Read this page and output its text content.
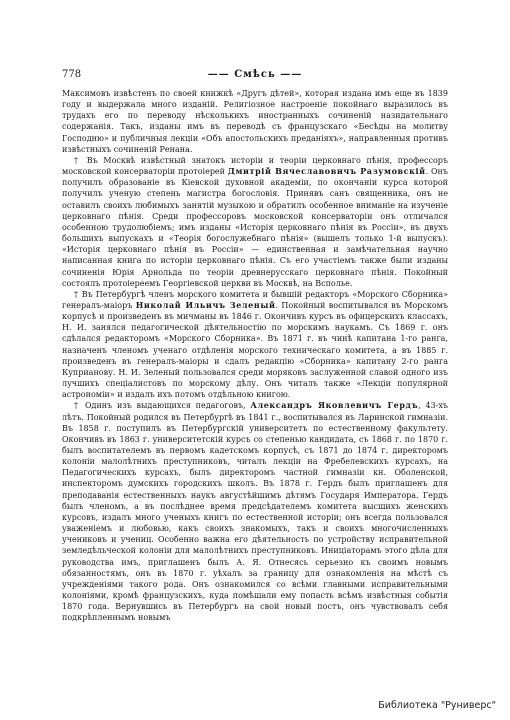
778	—— Смѣсь ——

Максимовъ извѣстенъ по своей книжкѣ «Другъ дѣтей», которая издана имъ еще въ 1839 году и выдержала много изданій. Религіозное настроеніе покойнаго выразилось въ трудахъ его по переводу нѣсколькихъ иностранныхъ сочиненій назидательнаго содержанія. Такъ, изданы имъ въ переводѣ съ французскаго «Бесѣды на молитву Господню» и публичныя лекціи «Объ апостольскихъ преданіяхъ», направленныя противъ извѣстныхъ сочиненій Ренана.

† Въ Москвѣ извѣстный знатокъ исторіи и теоріи церковнаго пѣнія, профессоръ московской консерваторіи протоіерей Дмитрій Вячеславовичъ Разумовскій. Онъ получилъ образованіе въ Кіевской духовной академіи, по окончаніи курса которой получилъ ученую степень магистра богословія. Принявъ санъ священника, онъ не оставилъ своихъ любимыхъ занятій музыкою и обратилъ особенное вниманіе на изученіе церковнаго пѣнія. Среди профессоровъ московской консерваторіи онъ отличался особенною трудолюбіемъ; имъ изданы «Исторія церковнаго пѣнія въ Россіи», въ двухъ большихъ выпускахъ и «Теорія богослужебнаго пѣнія» (вышелъ только 1-й выпускъ). «Исторія церковнаго пѣнія въ Россіи» — единственная и замѣчательная научно написанная книга по исторіи церковнаго пѣнія. Съ его участіемъ также были изданы сочиненія Юрія Арнольда по теоріи древнерусскаго церковнаго пѣнія. Покойный состоялъ протоіереемъ Георгіевской церкви въ Москвѣ, на Всполье.

† Въ Петербургѣ членъ морского комитета и бывшій редакторъ «Морского Сборника» генералъ-маіоръ Николай Ильичъ Зеленый. Покойный воспитывался въ Морскомъ корпусѣ и произведенъ въ мичманы въ 1846 г. Окончивъ курсъ въ офицерскихъ классахъ, Н. И. занялся педагогической дѣятельностію по морскимъ наукамъ. Съ 1869 г. онъ сдѣлался редакторомъ «Морского Сборника». Въ 1871 г. въ чинѣ капитана 1-го ранга, назначенъ членомъ ученаго отдѣленія морского техническаго комитета, а въ 1885 г. произведенъ въ генералъ-маіоры и сдалъ редакцію «Сборника» капитану 2-го ранга Куприанову. Н. И. Зеленый пользовался среди моряковъ заслуженной славой одного изъ лучшихъ спеціалистовъ по морскому дѣлу. Онъ читалъ также «Лекціи популярной астрономіи» и издалъ ихъ потомъ отдѣльною книгою.

† Одинъ изъ выдающихся педагоговъ, Александръ Яковлевичъ Гердъ, 43-хъ лѣтъ. Покойный родился въ Петербургѣ въ 1841 г., воспитывался въ Ларинской гимназіи. Въ 1858 г. поступилъ въ Петербургскій университетъ по естественному факультету. Окончивъ въ 1863 г. университетскій курсъ со степенью кандидата, съ 1868 г. по 1870 г. былъ воспитателемъ въ первомъ кадетскомъ корпусѣ, съ 1871 до 1874 г. директоромъ колоніи малолѣтнихъ преступниковъ, читалъ лекціи на Фребелевскихъ курсахъ, на Педагогическихъ курсахъ, былъ директоромъ частной гимназіи кн. Оболенской, инспекторомъ думскихъ городскихъ школъ. Въ 1878 г. Гердъ былъ приглашенъ для преподаванія естественныхъ наукъ августѣйшимъ дѣтямъ Государя Императора. Гердъ былъ членомъ, а въ послѣднее время предсѣдателемъ комитета высшихъ женскихъ курсовъ, издалъ много ученыхъ книгъ по естественной исторіи; онъ всегда пользовался уваженіемъ и любовью, какъ своихъ знакомыхъ, такъ и своихъ многочисленныхъ учениковъ и учениц. Особенно важна его дѣятельность по устройству исправительной земледѣльческой колоніи для малолѣтнихъ преступниковъ. Иниціаторамъ этого дѣла для руководства имъ, приглашенъ былъ А. Я. Отнесясь серьезно къ своимъ новымъ обязанностямъ, онъ въ 1870 г. уѣхалъ за границу для ознакомленія на мѣстѣ съ учрежденіями такого рода. Онъ ознакомился со всѣми главными исправительными колоніями, кромѣ французскихъ, куда помѣшали ему попасть всѣмъ извѣстныя событія 1870 года. Вернувшись въ Петербургъ на свой новый постъ, онъ чувствовалъ себя подкрѣпленнымъ новымъ

Библиотека "Руниверс"
